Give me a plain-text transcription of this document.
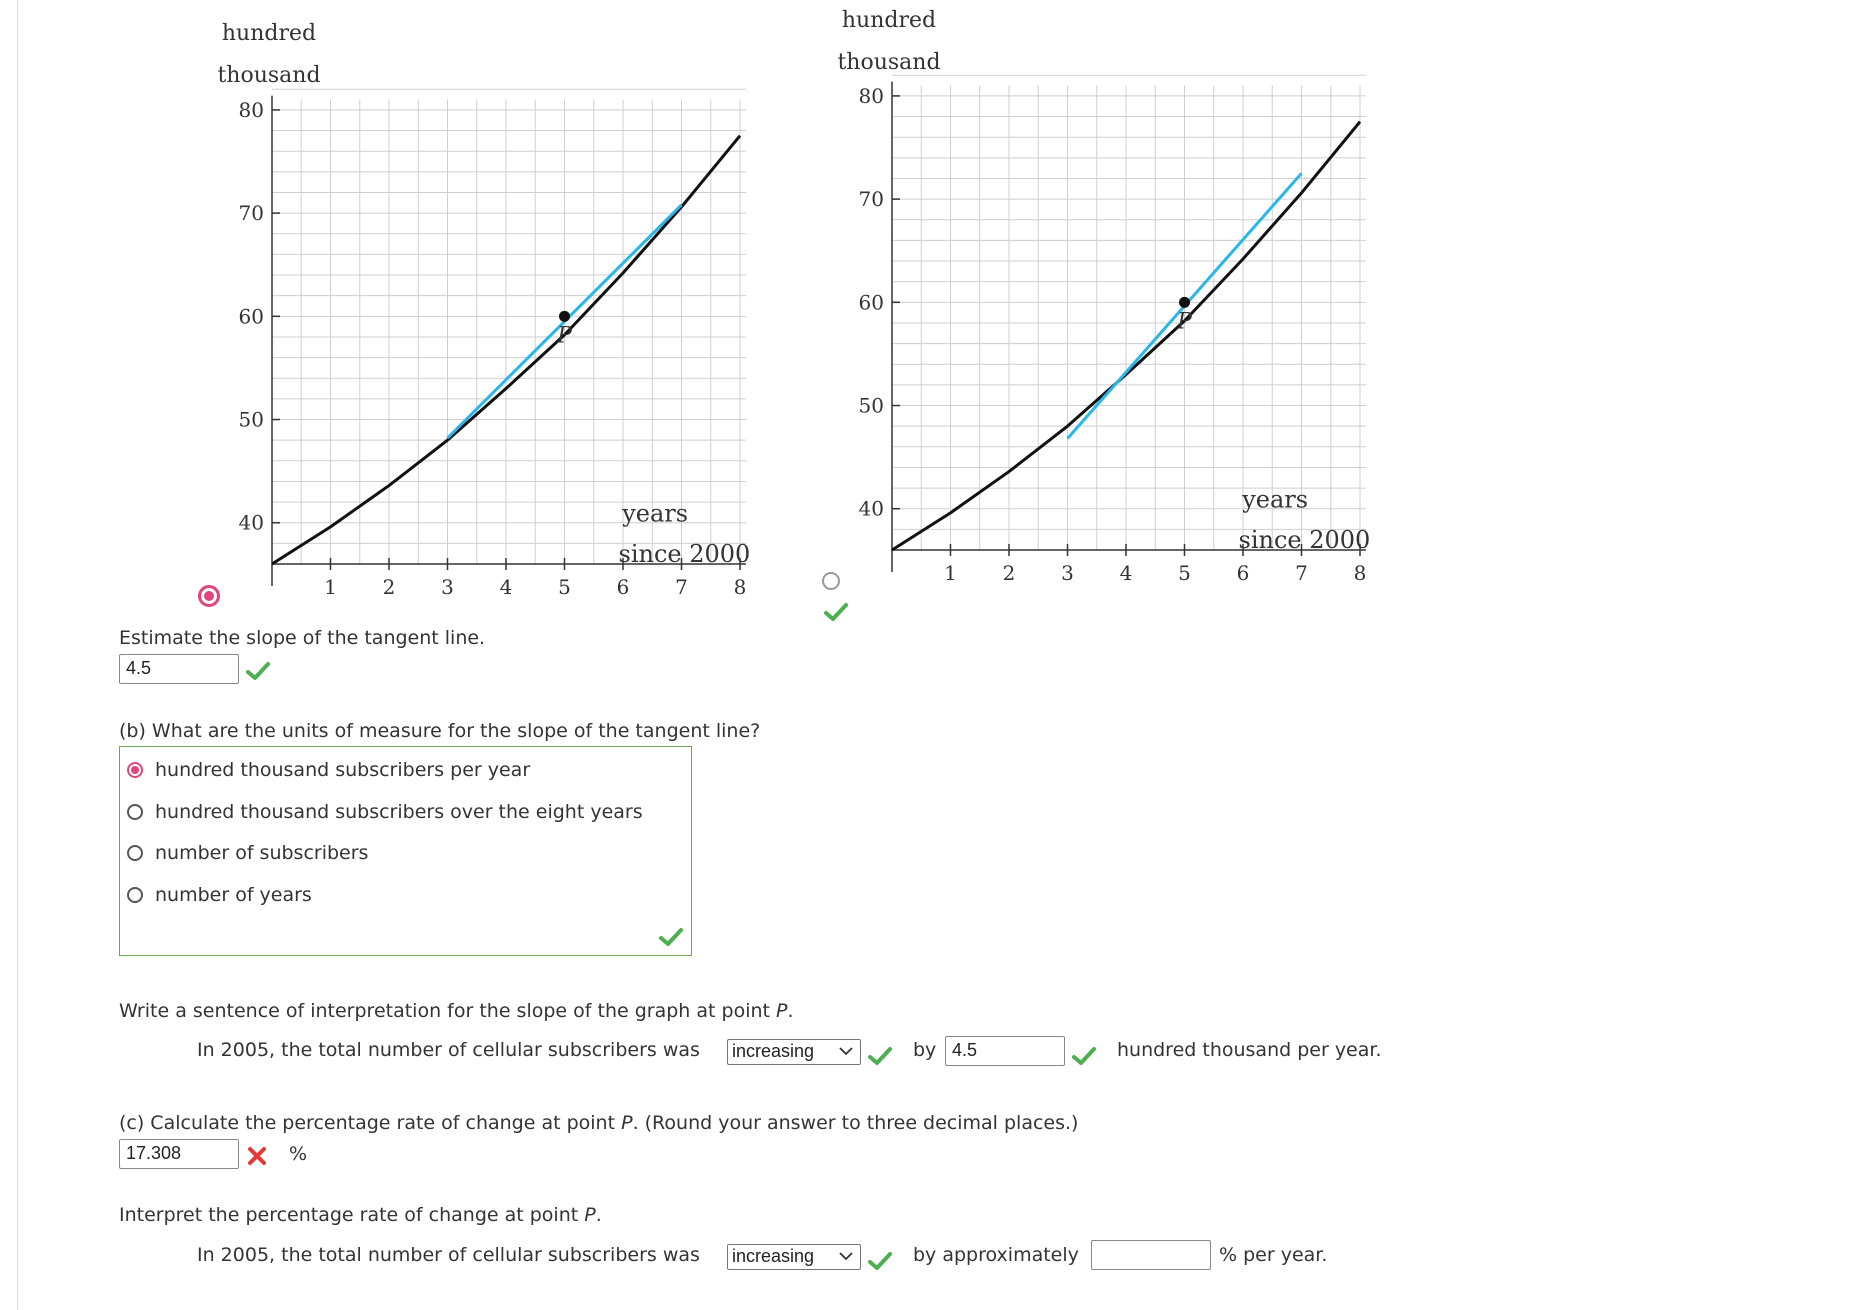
40
50
60
70
80
1 2 3 4 5 6 7 8
hundred
thousand
years
since 2000
P
40
50
60
70
80
1 2 3 4 5 6 7 8
hundred
thousand
years
since 2000
P
Estimate the slope of the tangent line.
4.5
(b) What are the units of measure for the slope of the tangent line?
hundred thousand subscribers per year
hundred thousand subscribers over the eight years
number of subscribers
number of years
Write a sentence of interpretation for the slope of the graph at point P.
In 2005, the total number of cellular subscribers was increasing	by 4.5	hundred thousand per year.
(c) Calculate the percentage rate of change at point P. (Round your answer to three decimal places.)
17.308	%
Interpret the percentage rate of change at point P.
In 2005, the total number of cellular subscribers was increasing	by approximately	% per year.
